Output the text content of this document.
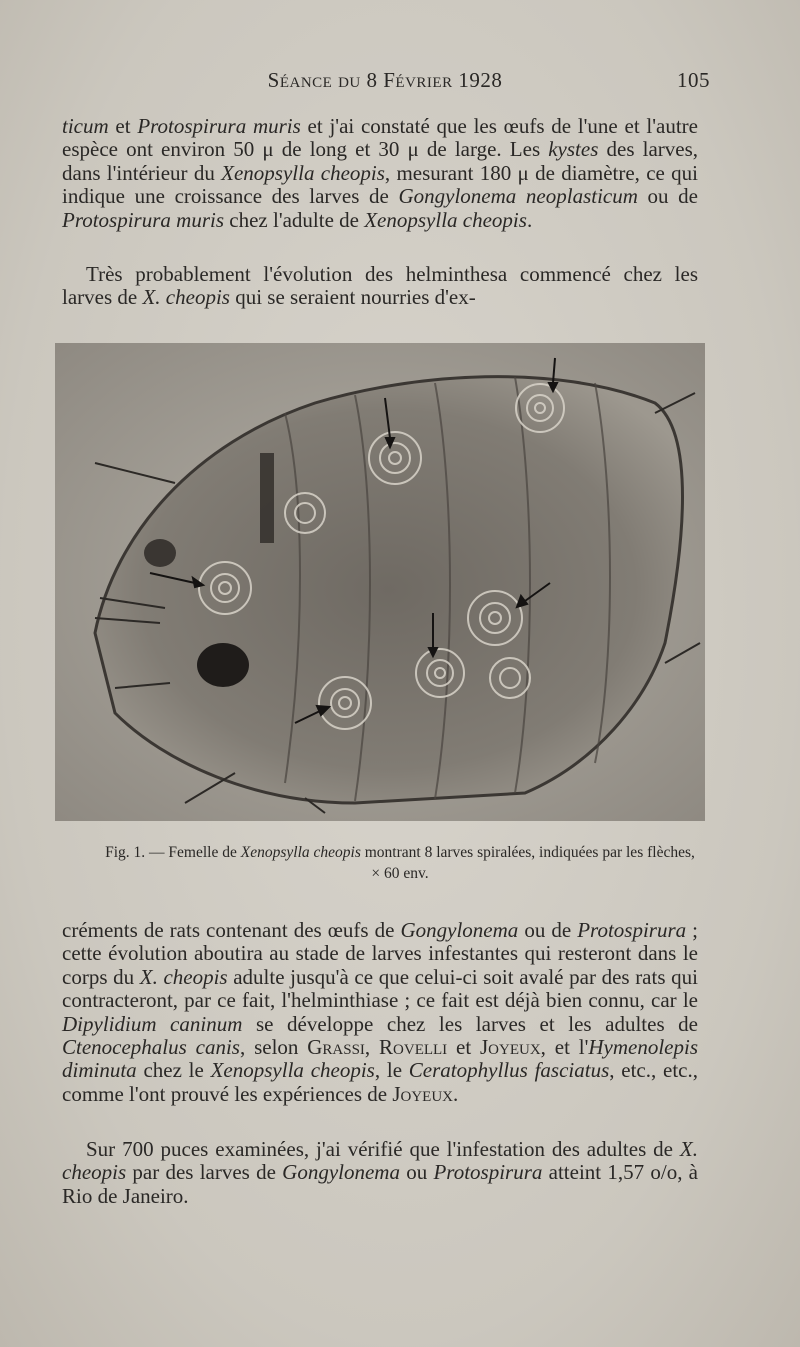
Séance du 8 Février 1928	105

ticum et Protospirura muris et j'ai constaté que les œufs de l'une et l'autre espèce ont environ 50 μ de long et 30 μ de large. Les kystes des larves, dans l'intérieur du Xenopsylla cheopis, mesurant 180 μ de diamètre, ce qui indique une croissance des larves de Gongylonema neoplasticum ou de Protospirura muris chez l'adulte de Xenopsylla cheopis.

Très probablement l'évolution des helminthesa commencé chez les larves de X. cheopis qui se seraient nourries d'ex-

Fig. 1. — Femelle de Xenopsylla cheopis montrant 8 larves spiralées, indiquées par les flèches, × 60 env.

créments de rats contenant des œufs de Gongylonema ou de Protospirura ; cette évolution aboutira au stade de larves infestantes qui resteront dans le corps du X. cheopis adulte jusqu'à ce que celui-ci soit avalé par des rats qui contracteront, par ce fait, l'helminthiase ; ce fait est déjà bien connu, car le Dipylidium caninum se développe chez les larves et les adultes de Ctenocephalus canis, selon Grassi, Rovelli et Joyeux, et l'Hymenolepis diminuta chez le Xenopsylla cheopis, le Ceratophyllus fasciatus, etc., etc., comme l'ont prouvé les expériences de Joyeux.

Sur 700 puces examinées, j'ai vérifié que l'infestation des adultes de X. cheopis par des larves de Gongylonema ou Protospirura atteint 1,57 o/o, à Rio de Janeiro.
